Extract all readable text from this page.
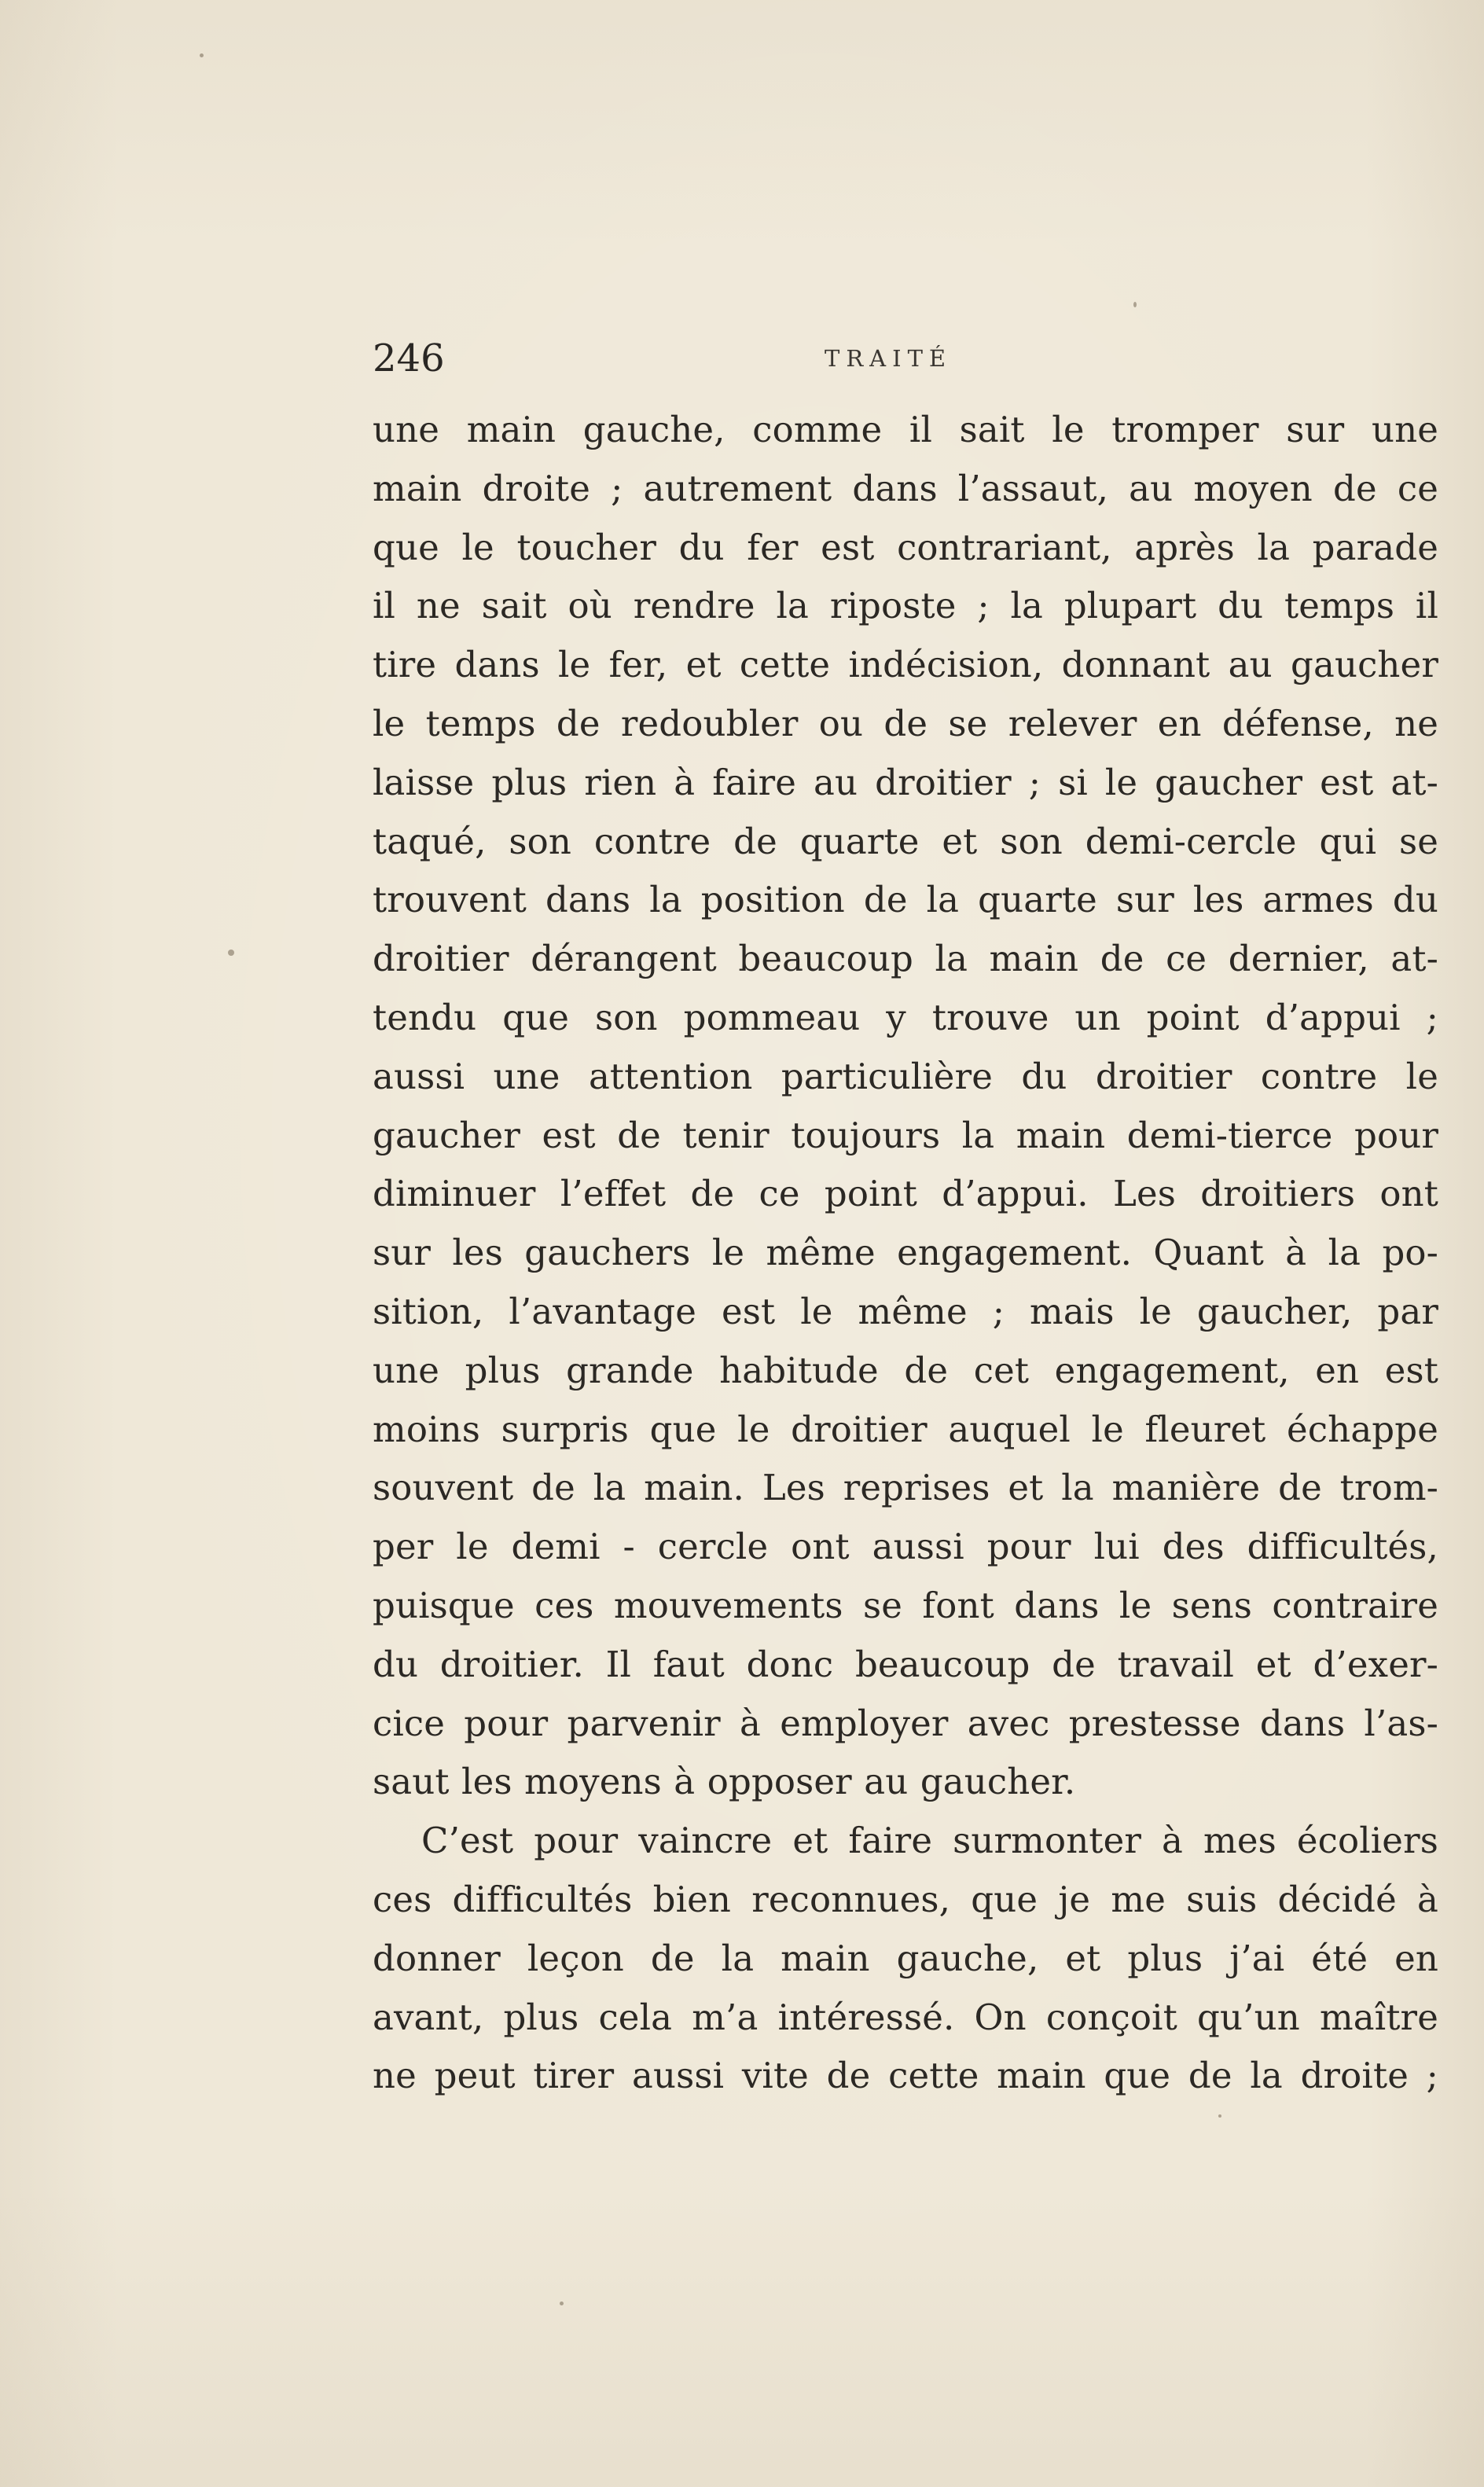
246	TRAITÉ
une main gauche, comme il sait le tromper sur une
main droite ; autrement dans l’assaut, au moyen de ce
que le toucher du fer est contrariant, après la parade
il ne sait où rendre la riposte ; la plupart du temps il
tire dans le fer, et cette indécision, donnant au gaucher
le temps de redoubler ou de se relever en défense, ne
laisse plus rien à faire au droitier ; si le gaucher est at-
taqué, son contre de quarte et son demi-cercle qui se
trouvent dans la position de la quarte sur les armes du
droitier dérangent beaucoup la main de ce dernier, at-
tendu que son pommeau y trouve un point d’appui ;
aussi une attention particulière du droitier contre le
gaucher est de tenir toujours la main demi-tierce pour
diminuer l’effet de ce point d’appui. Les droitiers ont
sur les gauchers le même engagement. Quant à la po-
sition, l’avantage est le même ; mais le gaucher, par
une plus grande habitude de cet engagement, en est
moins surpris que le droitier auquel le fleuret échappe
souvent de la main. Les reprises et la manière de trom-
per le demi - cercle ont aussi pour lui des difficultés,
puisque ces mouvements se font dans le sens contraire
du droitier. Il faut donc beaucoup de travail et d’exer-
cice pour parvenir à employer avec prestesse dans l’as-
saut les moyens à opposer au gaucher.
C’est pour vaincre et faire surmonter à mes écoliers
ces difficultés bien reconnues, que je me suis décidé à
donner leçon de la main gauche, et plus j’ai été en
avant, plus cela m’a intéressé. On conçoit qu’un maître
ne peut tirer aussi vite de cette main que de la droite ;
